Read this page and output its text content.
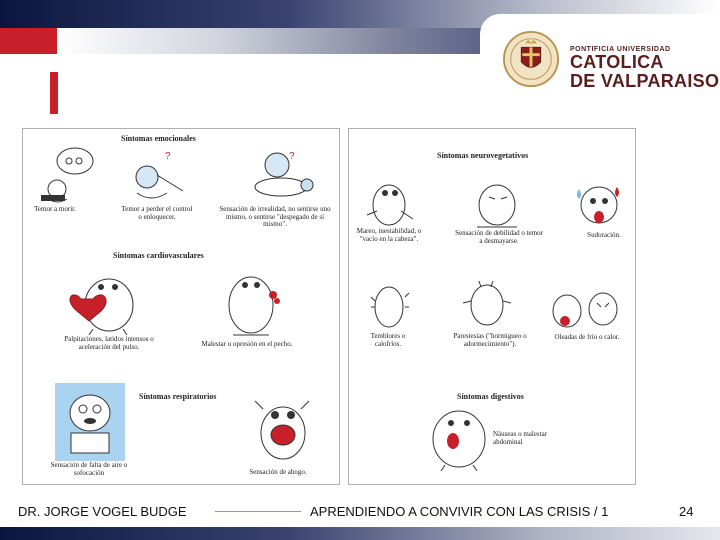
PONTIFICIA UNIVERSIDAD
CATOLICA
DE VALPARAISO
Síntomas emocionales
Temor a morir.
?
Temor a perder el control o enloquecer.
?
Sensación de irrealidad, no sentirse uno mismo, o sentirse "despegado de sí mismo".
Síntomas cardiovasculares
Palpitaciones, latidos intensos o aceleración del pulso.	Malestar u opresión en el pecho.
Síntomas respiratorios
Sensación de falta de aire o sofocación	Sensación de ahogo.
Síntomas neurovegetativos
Mareo, inestabilidad, o "vacío en la cabeza".
Sensación de debilidad o temor a desmayarse.
Sudoración.
Temblores o calofríos.
Parestesias ("hormigueo o adormecimiento").
Oleadas de frío o calor.
Síntomas digestivos
Náuseas o malestar abdominal
DR. JORGE VOGEL BUDGE	APRENDIENDO A CONVIVIR CON LAS CRISIS / 1	24
